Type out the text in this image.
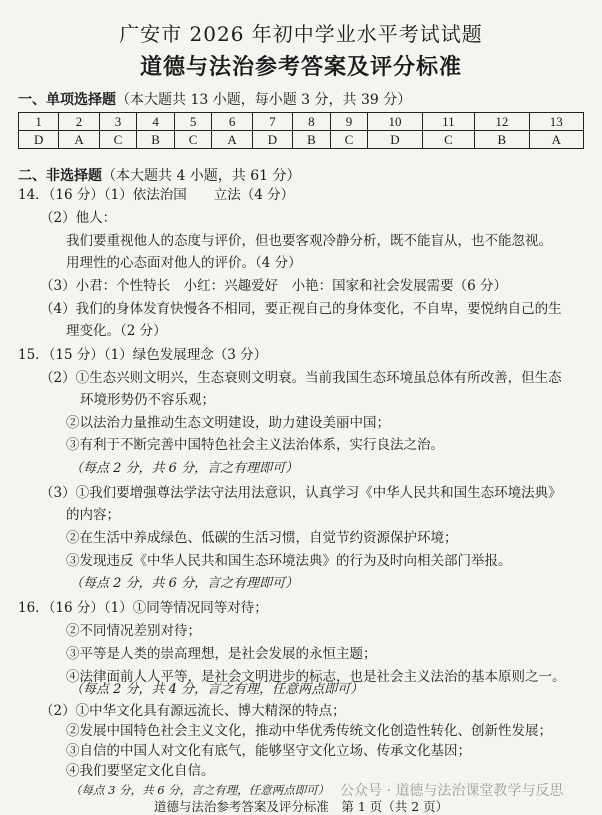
广安市 2026 年初中学业水平考试试题
道德与法治参考答案及评分标准
一、单项选择题（本大题共 13 小题，每小题 3 分，共 39 分）
1	2	3	4	5	6	7	8	9	10	11	12	13
D	A	C	B	C	A	D	B	C	D	C	B	A
二、非选择题（本大题共 4 小题，共 61 分）
14．（16 分）（1）依法治国　　立法（4 分）
（2）他人：
我们要重视他人的态度与评价，但也要客观冷静分析，既不能盲从，也不能忽视。
用理性的心态面对他人的评价。（4 分）
（3）小君：个性特长　小红：兴趣爱好　小艳：国家和社会发展需要（6 分）
（4）我们的身体发育快慢各不相同，要正视自己的身体变化，不自卑，要悦纳自己的生
理变化。（2 分）
15．（15 分）（1）绿色发展理念（3 分）
（2）①生态兴则文明兴，生态衰则文明衰。当前我国生态环境虽总体有所改善，但生态
环境形势仍不容乐观；
②以法治力量推动生态文明建设，助力建设美丽中国；
③有利于不断完善中国特色社会主义法治体系，实行良法之治。
（每点 2 分，共 6 分，言之有理即可）
（3）①我们要增强尊法学法守法用法意识，认真学习《中华人民共和国生态环境法典》
的内容；
②在生活中养成绿色、低碳的生活习惯，自觉节约资源保护环境；
③发现违反《中华人民共和国生态环境法典》的行为及时向相关部门举报。
（每点 2 分，共 6 分，言之有理即可）
16．（16 分）（1）①同等情况同等对待；
②不同情况差别对待；
③平等是人类的崇高理想，是社会发展的永恒主题；
④法律面前人人平等，是社会文明进步的标志，也是社会主义法治的基本原则之一。
（每点 2 分，共 4 分，言之有理，任意两点即可）
（2）①中华文化具有源远流长、博大精深的特点；
②发展中国特色社会主义文化，推动中华优秀传统文化创造性转化、创新性发展；
③自信的中国人对文化有底气，能够坚守文化立场、传承文化基因；
④我们要坚定文化自信。
（每点 3 分，共 6 分，言之有理，任意两点即可） 公众号 · 道德与法治课堂教学与反思
道德与法治参考答案及评分标准　第 1 页（共 2 页）
